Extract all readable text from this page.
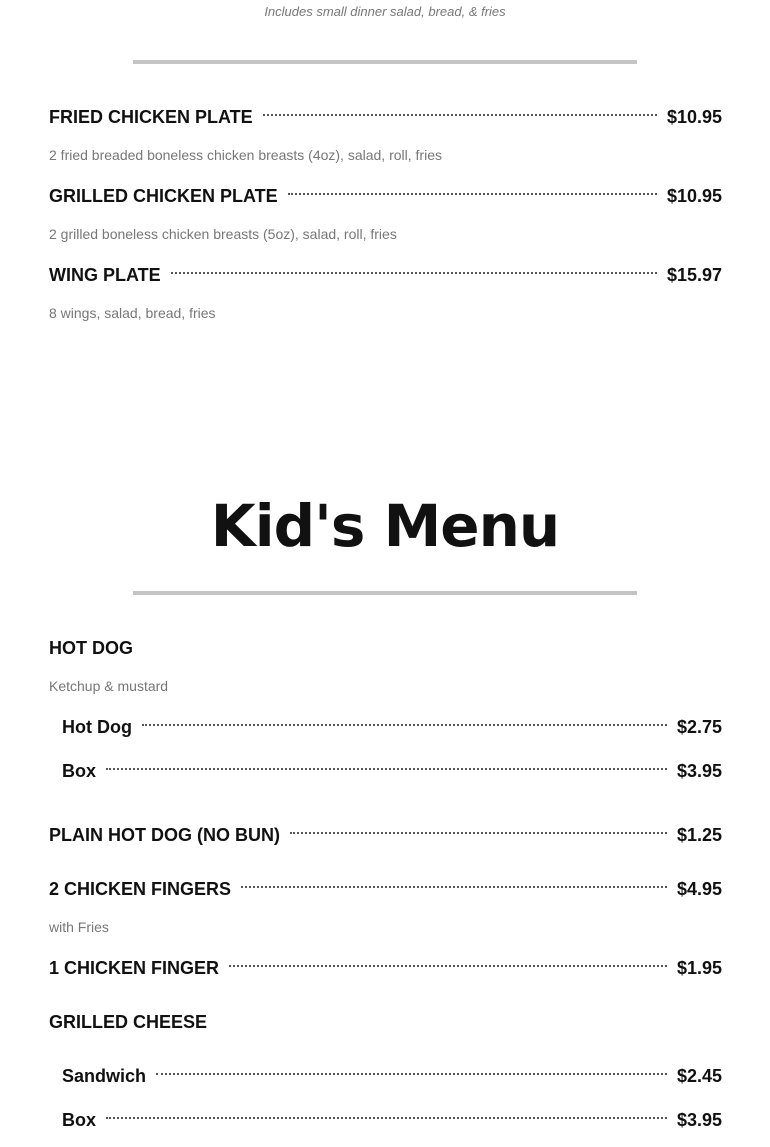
Includes small dinner salad, bread, & fries
FRIED CHICKEN PLATE	$10.95
2 fried breaded boneless chicken breasts (4oz), salad, roll, fries
GRILLED CHICKEN PLATE	$10.95
2 grilled boneless chicken breasts (5oz), salad, roll, fries
WING PLATE	$15.97
8 wings, salad, bread, fries
Kid's Menu
HOT DOG
Ketchup & mustard
Hot Dog	$2.75
Box	$3.95
PLAIN HOT DOG (NO BUN)	$1.25
2 CHICKEN FINGERS	$4.95
with Fries
1 CHICKEN FINGER	$1.95
GRILLED CHEESE
Sandwich	$2.45
Box	$3.95
